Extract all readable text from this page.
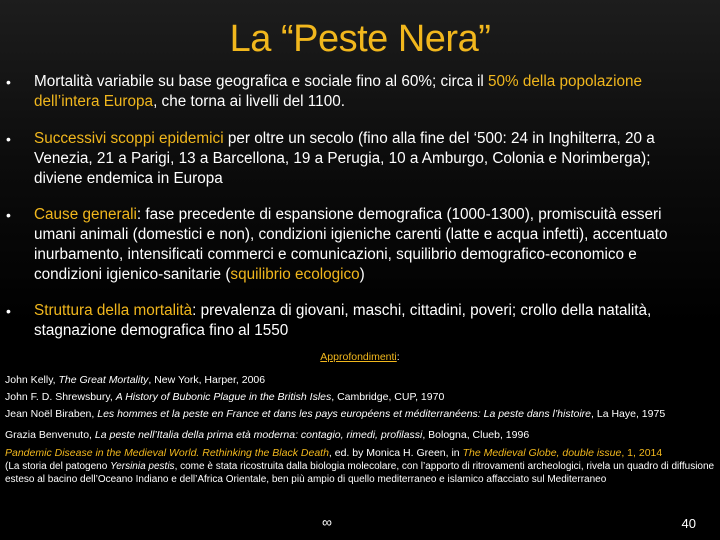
La “Peste Nera”
• Mortalità variabile su base geografica e sociale fino al 60%; circa il 50% della popolazione dell’intera Europa, che torna ai livelli del 1100.
• Successivi scoppi epidemici per oltre un secolo (fino alla fine del ‘500: 24 in Inghilterra, 20 a Venezia, 21 a Parigi, 13 a Barcellona, 19 a Perugia, 10 a Amburgo, Colonia e Norimberga); diviene endemica in Europa
• Cause generali: fase precedente di espansione demografica (1000-1300), promiscuità esseri umani animali (domestici e non), condizioni igieniche carenti (latte e acqua infetti), accentuato inurbamento, intensificati commerci e comunicazioni, squilibrio demografico-economico e condizioni igienico-sanitarie (squilibrio ecologico)
• Struttura della mortalità: prevalenza di giovani, maschi, cittadini, poveri; crollo della natalità, stagnazione demografica fino al 1550
Approfondimenti:
John Kelly, The Great Mortality, New York, Harper, 2006
John F. D. Shrewsbury, A History of Bubonic Plague in the British Isles, Cambridge, CUP, 1970
Jean Noël Biraben, Les hommes et la peste en France et dans les pays européens et méditerranéens: La peste dans l’histoire, La Haye, 1975
Grazia Benvenuto, La peste nell’Italia della prima età moderna: contagio, rimedi, profilassi, Bologna, Clueb, 1996
Pandemic Disease in the Medieval World. Rethinking the Black Death, ed. by Monica H. Green, in The Medieval Globe, double issue, 1, 2014
(La storia del patogeno Yersinia pestis, come è stata ricostruita dalla biologia molecolare, con l’apporto di ritrovamenti archeologici, rivela un quadro di diffusione esteso al bacino dell’Oceano Indiano e dell’Africa Orientale, ben più ampio di quello mediterraneo e islamico affacciato sul Mediterraneo
∞	40
